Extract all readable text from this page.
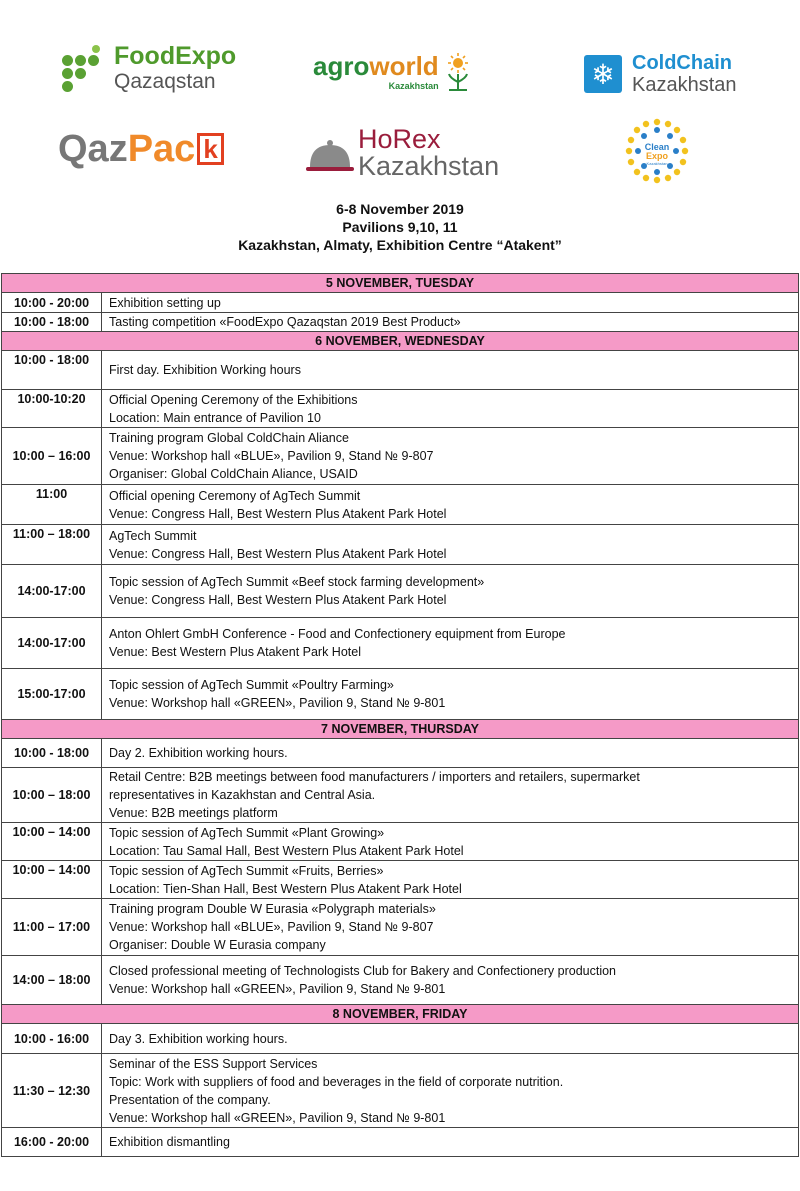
FoodExpo
Qazaqstan
agroworld
Kazakhstan	❄ ColdChain
Kazakhstan
Qaz Pac k	HoRex
Kazakhstan
Clean
Expo
Kazakhstan
6-8 November 2019
Pavilions 9,10, 11
Kazakhstan, Almaty, Exhibition Centre “Atakent”
5 NOVEMBER, TUESDAY	
10:00 - 20:00	Exhibition setting up

10:00 - 18:00	Tasting competition «FoodExpo Qazaqstan 2019 Best Product»

6 NOVEMBER, WEDNESDAY	
10:00 - 18:00	First day. Exhibition Working hours

10:00-10:20	Official Opening Ceremony of the Exhibitions
Location: Main entrance of Pavilion 10

10:00 – 16:00	Training program Global ColdChain Aliance
Venue: Workshop hall «BLUE», Pavilion 9, Stand № 9-807
Organiser: Global ColdChain Aliance, USAID

11:00	Official opening Ceremony of AgTech Summit
Venue: Congress Hall, Best Western Plus Atakent Park Hotel

11:00 – 18:00	AgTech Summit
Venue: Congress Hall, Best Western Plus Atakent Park Hotel

14:00-17:00	Topic session of AgTech Summit «Beef stock farming development»
Venue: Congress Hall, Best Western Plus Atakent Park Hotel

14:00-17:00	Anton Ohlert GmbH Conference - Food and Confectionery equipment from Europe
Venue: Best Western Plus Atakent Park Hotel

15:00-17:00	Topic session of AgTech Summit «Poultry Farming»
Venue: Workshop hall «GREEN», Pavilion 9, Stand № 9-801

7 NOVEMBER, THURSDAY	
10:00 - 18:00	Day 2. Exhibition working hours.

10:00 – 18:00	Retail Centre: B2B meetings between food manufacturers / importers and retailers, supermarket
representatives in Kazakhstan and Central Asia.
Venue: B2B meetings platform

10:00 – 14:00	Topic session of AgTech Summit «Plant Growing»
Location: Tau Samal Hall, Best Western Plus Atakent Park Hotel

10:00 – 14:00	Topic session of AgTech Summit «Fruits, Berries»
Location: Tien-Shan Hall, Best Western Plus Atakent Park Hotel

11:00 – 17:00	Training program Double W Eurasia «Polygraph materials»
Venue: Workshop hall «BLUE», Pavilion 9, Stand № 9-807
Organiser: Double W Eurasia company

14:00 – 18:00	Closed professional meeting of Technologists Club for Bakery and Confectionery production
Venue: Workshop hall «GREEN», Pavilion 9, Stand № 9-801

8 NOVEMBER, FRIDAY	
10:00 - 16:00	Day 3. Exhibition working hours.

11:30 – 12:30	Seminar of the ESS Support Services
Topic: Work with suppliers of food and beverages in the field of corporate nutrition.
Presentation of the company.
Venue: Workshop hall «GREEN», Pavilion 9, Stand № 9-801

16:00 - 20:00	Exhibition dismantling
